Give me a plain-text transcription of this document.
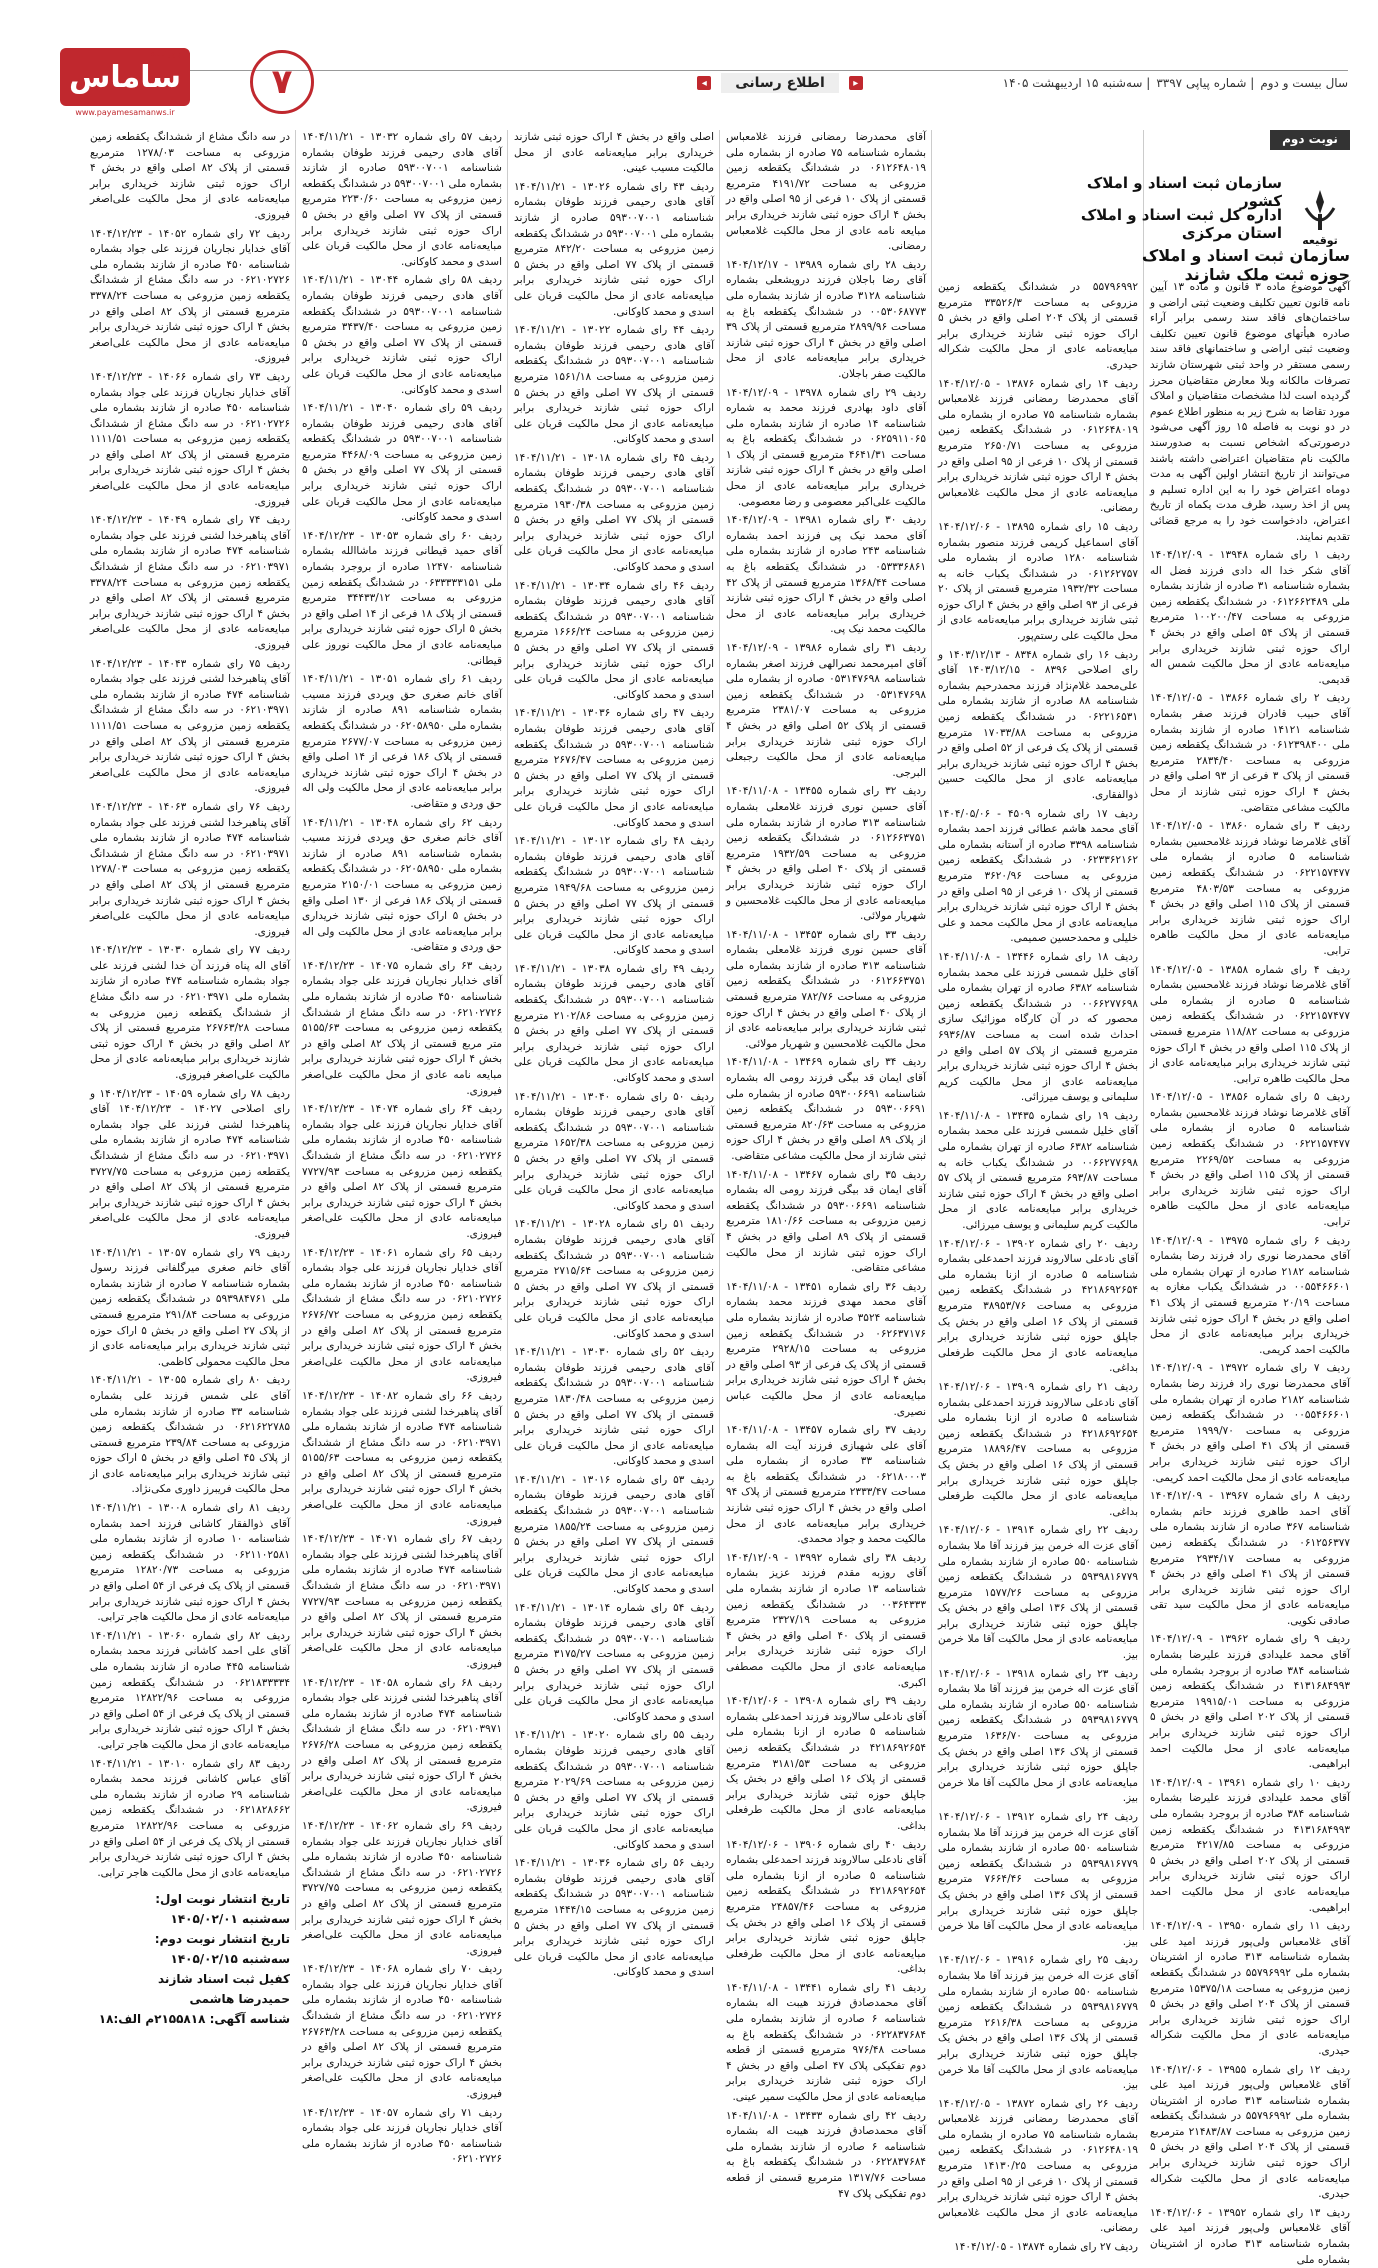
سال بیست و دوم| شماره پیاپی ۳۳۹۷| سه‌شنبه ۱۵ اردیبهشت ۱۴۰۵
▸
اطلاع رسانی
◂
۷
ساماس
روزنامه
www.payamesamanws.ir
نوبت دوم

آگهی موضوع ماده ۳ قانون و ماده ۱۳ آیین نامه قانون تعیین تکلیف وضعیت ثبتی اراضی و ساختمان‌های فاقد سند رسمی برابر آراء صادره هیأتهای موضوع قانون تعیین تکلیف وضعیت ثبتی اراضی و ساختمانهای فاقد سند رسمی مستقر در واحد ثبتی شهرستان شازند تصرفات مالکانه وبلا معارض متقاضیان محرز گردیده است لذا مشخصات متقاضیان و املاک مورد تقاضا به شرح زیر به منظور اطلاع عموم در دو نوبت به فاصله ۱۵ روز آگهی می‌شود درصورتی‌که اشخاص نسبت به صدورسند مالکیت نام متقاضیان اعتراضی داشته باشند می‌توانند از تاریخ انتشار اولین آگهی به مدت دوماه اعتراض خود را به این اداره تسلیم و پس از اخذ رسید، ظرف مدت یکماه از تاریخ اعتراض، دادخواست خود را به مرجع قضائی تقدیم نمایند.

ردیف ۱ رای شماره ۱۳۹۴۸ - ۱۴۰۴/۱۲/۰۹ آقای شکر خدا اله دادی فرزند فضل اله بشماره شناسنامه ۳۱ صادره از شازند بشماره ملی ۰۶۱۲۶۶۲۴۸۹ در ششدانگ یکقطعه زمین مزروعی به مساحت ۱۰۰۲۰۰/۴۷ مترمربع قسمتی از پلاک ۵۴ اصلی واقع در بخش ۴ اراک حوزه ثبتی شازند خریداری برابر مبایعه‌نامه عادی از محل مالکیت شمس اله قدیمی.

ردیف ۲ رای شماره ۱۳۸۶۶ - ۱۴۰۴/۱۲/۰۵ آقای حبیب قادران فرزند صفر بشماره شناسنامه ۱۴۱۲۱ صادره از شازند بشماره ملی ۰۶۱۲۳۹۸۴۰۰ در ششدانگ یکقطعه زمین مزروعی به مساحت ۲۸۳۴/۴۰ مترمربع قسمتی از پلاک ۳ فرعی از ۹۳ اصلی واقع در بخش ۴ اراک حوزه ثبتی شازند از محل مالکیت مشاعی متقاضی.

ردیف ۳ رای شماره ۱۳۸۶۰ - ۱۴۰۴/۱۲/۰۵ آقای غلامرضا نوشاد فرزند غلامحسین بشماره شناسنامه ۵ صادره از بشماره ملی ۰۶۲۲۱۵۷۴۷۷ در ششدانگ یکقطعه زمین مزروعی به مساحت ۴۸۰۳/۵۳ مترمربع قسمتی از پلاک ۱۱۵ اصلی واقع در بخش ۴ اراک حوزه ثبتی شازند خریداری برابر مبایعه‌نامه عادی از محل مالکیت طاهره ترابی.

ردیف ۴ رای شماره ۱۳۸۵۸ - ۱۴۰۴/۱۲/۰۵ آقای غلامرضا نوشاد فرزند غلامحسین بشماره شناسنامه ۵ صادره از بشماره ملی ۰۶۲۲۱۵۷۴۷۷ در ششدانگ یکقطعه زمین مزروعی به مساحت ۱۱۸/۸۲ مترمربع قسمتی از پلاک ۱۱۵ اصلی واقع در بخش ۴ اراک حوزه ثبتی شازند خریداری برابر مبایعه‌نامه عادی از محل مالکیت طاهره ترابی.

ردیف ۵ رای شماره ۱۳۸۵۶ - ۱۴۰۴/۱۲/۰۵ آقای غلامرضا نوشاد فرزند غلامحسین بشماره شناسنامه ۵ صادره از بشماره ملی ۰۶۲۲۱۵۷۴۷۷ در ششدانگ یکقطعه زمین مزروعی به مساحت ۲۲۶۹/۵۲ مترمربع قسمتی از پلاک ۱۱۵ اصلی واقع در بخش ۴ اراک حوزه ثبتی شازند خریداری برابر مبایعه‌نامه عادی از محل مالکیت طاهره ترابی.

ردیف ۶ رای شماره ۱۳۹۷۵ - ۱۴۰۴/۱۲/۰۹ آقای محمدرضا نوری راد فرزند رضا بشماره شناسنامه ۲۱۸۲ صادره از تهران بشماره ملی ۰۰۵۵۴۶۶۶۰۱ در ششدانگ یکباب مغازه به مساحت ۲۰/۱۹ مترمربع قسمتی از پلاک ۴۱ اصلی واقع در بخش ۴ اراک حوزه ثبتی شازند خریداری برابر مبایعه‌نامه عادی از محل مالکیت احمد کریمی.

ردیف ۷ رای شماره ۱۳۹۷۲ - ۱۴۰۴/۱۲/۰۹ آقای محمدرضا نوری راد فرزند رضا بشماره شناسنامه ۲۱۸۲ صادره از تهران بشماره ملی ۰۰۵۵۴۶۶۶۰۱ در ششدانگ یکقطعه زمین مزروعی به مساحت ۱۹۹۹/۷۰ مترمربع قسمتی از پلاک ۴۱ اصلی واقع در بخش ۴ اراک حوزه ثبتی شازند خریداری برابر مبایعه‌نامه عادی از محل مالکیت احمد کریمی.

ردیف ۸ رای شماره ۱۳۹۶۷ - ۱۴۰۴/۱۲/۰۹ آقای احمد طاهری فرزند حاتم بشماره شناسنامه ۳۶۷ صادره از شازند بشماره ملی ۰۶۱۲۵۶۳۷۷ در ششدانگ یکقطعه زمین مزروعی به مساحت ۲۹۳۴/۱۷ مترمربع قسمتی از پلاک ۴۱ اصلی واقع در بخش ۴ اراک حوزه ثبتی شازند خریداری برابر مبایعه‌نامه عادی از محل مالکیت سید تقی صادقی نکویی.

ردیف ۹ رای شماره ۱۳۹۶۲ - ۱۴۰۴/۱۲/۰۹ آقای محمد علیدادی فرزند علیرضا بشماره شناسنامه ۳۸۴ صادره از بروجرد بشماره ملی ۴۱۳۱۶۸۴۹۹۳ در ششدانگ یکقطعه زمین مزروعی به مساحت ۱۹۹۱۵/۰۱ مترمربع قسمتی از پلاک ۲۰۲ اصلی واقع در بخش ۵ اراک حوزه ثبتی شازند خریداری برابر مبایعه‌نامه عادی از محل مالکیت احمد ابراهیمی.

ردیف ۱۰ رای شماره ۱۳۹۶۱ - ۱۴۰۴/۱۲/۰۹ آقای محمد علیدادی فرزند علیرضا بشماره شناسنامه ۳۸۴ صادره از بروجرد بشماره ملی ۴۱۳۱۶۸۴۹۹۳ در ششدانگ یکقطعه زمین مزروعی به مساحت ۴۲۱۷/۸۵ مترمربع قسمتی از پلاک ۲۰۲ اصلی واقع در بخش ۵ اراک حوزه ثبتی شازند خریداری برابر مبایعه‌نامه عادی از محل مالکیت احمد ابراهیمی.

ردیف ۱۱ رای شماره ۱۳۹۵۰ - ۱۴۰۴/۱۲/۰۹ آقای غلامعباس ولی‌پور فرزند امید علی بشماره شناسنامه ۳۱۳ صادره از اشترینان بشماره ملی ۵۵۷۹۶۹۹۲ در ششدانگ یکقطعه زمین مزروعی به مساحت ۱۵۳۷۵/۱۸ مترمربع قسمتی از پلاک ۲۰۴ اصلی واقع در بخش ۵ اراک حوزه ثبتی شازند خریداری برابر مبایعه‌نامه عادی از محل مالکیت شکراله حیدری.

ردیف ۱۲ رای شماره ۱۳۹۵۵ - ۱۴۰۴/۱۲/۰۶ آقای غلامعباس ولی‌پور فرزند امید علی بشماره شناسنامه ۳۱۳ صادره از اشترینان بشماره ملی ۵۵۷۹۶۹۹۲ در ششدانگ یکقطعه زمین مزروعی به مساحت ۲۱۴۸۳/۸۷ مترمربع قسمتی از پلاک ۲۰۴ اصلی واقع در بخش ۵ اراک حوزه ثبتی شازند خریداری برابر مبایعه‌نامه عادی از محل مالکیت شکراله حیدری.

ردیف ۱۳ رای شماره ۱۳۹۵۲ - ۱۴۰۴/۱۲/۰۶ آقای غلامعباس ولی‌پور فرزند امید علی بشماره شناسنامه ۳۱۳ صادره از اشترینان بشماره ملی

۵۵۷۹۶۹۹۲ در ششدانگ یکقطعه زمین مزروعی به مساحت ۳۳۵۲۶/۳ مترمربع قسمتی از پلاک ۲۰۴ اصلی واقع در بخش ۵ اراک حوزه ثبتی شازند خریداری برابر مبایعه‌نامه عادی از محل مالکیت شکراله حیدری.

ردیف ۱۴ رای شماره ۱۳۸۷۶ - ۱۴۰۴/۱۲/۰۵ آقای محمدرضا رمضانی فرزند غلامعباس بشماره شناسنامه ۷۵ صادره از بشماره ملی ۰۶۱۲۶۴۸۰۱۹ در ششدانگ یکقطعه زمین مزروعی به مساحت ۲۶۵۰/۷۱ مترمربع قسمتی از پلاک ۱۰ فرعی از ۹۵ اصلی واقع در بخش ۴ اراک حوزه ثبتی شازند خریداری برابر مبایعه‌نامه عادی از محل مالکیت غلامعباس رمضانی.

ردیف ۱۵ رای شماره ۱۳۸۹۵ - ۱۴۰۴/۱۲/۰۶ آقای اسماعیل کریمی فرزند منصور بشماره شناسنامه ۱۲۸۰ صادره از بشماره ملی ۰۶۱۲۶۲۷۵۷ در ششدانگ یکباب خانه به مساحت ۱۹۳۲/۳۲ مترمربع قسمتی از پلاک ۲۰ فرعی از ۹۳ اصلی واقع در بخش ۴ اراک حوزه ثبتی شازند خریداری برابر مبایعه‌نامه عادی از محل مالکیت علی رستم‌پور.

ردیف ۱۶ رای شماره ۸۳۴۸ - ۱۴۰۳/۱۲/۱۳ و رای اصلاحی ۸۳۹۶ - ۱۴۰۳/۱۲/۱۵ آقای علی‌محمد غلام‌نژاد فرزند محمدرحیم بشماره شناسنامه ۸۸ صادره از شازند بشماره ملی ۰۶۲۲۱۶۵۳۱ در ششدانگ یکقطعه زمین مزروعی به مساحت ۱۷۰۳۳/۸۸ مترمربع قسمتی از پلاک یک فرعی از ۵۲ اصلی واقع در بخش ۴ اراک حوزه ثبتی شازند خریداری برابر مبایعه‌نامه عادی از محل مالکیت حسین ذوالفقاری.

ردیف ۱۷ رای شماره ۴۵۰۹ - ۱۴۰۴/۰۵/۰۶ آقای محمد هاشم عطائی فرزند احمد بشماره شناسنامه ۳۳۹۸ صادره از آستانه بشماره ملی ۰۶۲۳۳۶۲۱۶۲ در ششدانگ یکقطعه زمین مزروعی به مساحت ۳۶۲۰/۹۶ مترمربع قسمتی از پلاک ۱۰ فرعی از ۹۵ اصلی واقع در بخش ۴ اراک حوزه ثبتی شازند خریداری برابر مبایعه‌نامه عادی از محل مالکیت محمد و علی خلیلی و محمدحسین صمیمی.

ردیف ۱۸ رای شماره ۱۳۴۴۶ - ۱۴۰۴/۱۱/۰۸ آقای خلیل شمسی فرزند علی محمد بشماره شناسنامه ۶۳۸۲ صادره از تهران بشماره ملی ۰۰۶۶۲۷۷۶۹۸ در ششدانگ یکقطعه زمین محصور که در آن کارگاه موزائیک سازی احداث شده است به مساحت ۶۹۳۶/۸۷ مترمربع قسمتی از پلاک ۵۷ اصلی واقع در بخش ۴ اراک حوزه ثبتی شازند خریداری برابر مبایعه‌نامه عادی از محل مالکیت کریم سلیمانی و یوسف میرزائی.

ردیف ۱۹ رای شماره ۱۳۴۳۵ - ۱۴۰۴/۱۱/۰۸ آقای خلیل شمسی فرزند علی محمد بشماره شناسنامه ۶۳۸۲ صادره از تهران بشماره ملی ۰۰۶۶۲۷۷۶۹۸ در ششدانگ یکباب خانه به مساحت ۶۹۳/۸۷ مترمربع قسمتی از پلاک ۵۷ اصلی واقع در بخش ۴ اراک حوزه ثبتی شازند خریداری برابر مبایعه‌نامه عادی از محل مالکیت کریم سلیمانی و یوسف میرزائی.

ردیف ۲۰ رای شماره ۱۳۹۰۲ - ۱۴۰۴/۱۲/۰۶ آقای نادعلی سالاروند فرزند احمدعلی بشماره شناسنامه ۵ صادره از ازنا بشماره ملی ۴۲۱۸۶۹۲۶۵۴ در ششدانگ یکقطعه زمین مزروعی به مساحت ۳۸۹۵۳/۷۶ مترمربع قسمتی از پلاک ۱۶ اصلی واقع در بخش یک جاپلق حوزه ثبتی شازند خریداری برابر مبایعه‌نامه عادی از محل مالکیت طرفعلی بداغی.

ردیف ۲۱ رای شماره ۱۳۹۰۹ - ۱۴۰۴/۱۲/۰۶ آقای نادعلی سالاروند فرزند احمدعلی بشماره شناسنامه ۵ صادره از ازنا بشماره ملی ۴۲۱۸۶۹۲۶۵۴ در ششدانگ یکقطعه زمین مزروعی به مساحت ۱۸۸۹۶/۴۷ مترمربع قسمتی از پلاک ۱۶ اصلی واقع در بخش یک جاپلق حوزه ثبتی شازند خریداری برابر مبایعه‌نامه عادی از محل مالکیت طرفعلی بداغی.

ردیف ۲۲ رای شماره ۱۳۹۱۴ - ۱۴۰۴/۱۲/۰۶ آقای عزت اله خرمن بیز فرزند آقا ملا بشماره شناسنامه ۵۵۰ صادره از شازند بشماره ملی ۵۹۳۹۸۱۶۷۷۹ در ششدانگ یکقطعه زمین مزروعی به مساحت ۱۵۷۷/۲۶ مترمربع قسمتی از پلاک ۱۳۶ اصلی واقع در بخش یک جاپلق حوزه ثبتی شازند خریداری برابر مبایعه‌نامه عادی از محل مالکیت آقا ملا خرمن بیز.

ردیف ۲۳ رای شماره ۱۳۹۱۸ - ۱۴۰۴/۱۲/۰۶ آقای عزت اله خرمن بیز فرزند آقا ملا بشماره شناسنامه ۵۵۰ صادره از شازند بشماره ملی ۵۹۳۹۸۱۶۷۷۹ در ششدانگ یکقطعه زمین مزروعی به مساحت ۱۶۳۶/۷۰ مترمربع قسمتی از پلاک ۱۳۶ اصلی واقع در بخش یک جاپلق حوزه ثبتی شازند خریداری برابر مبایعه‌نامه عادی از محل مالکیت آقا ملا خرمن بیز.

ردیف ۲۴ رای شماره ۱۳۹۱۲ - ۱۴۰۴/۱۲/۰۶ آقای عزت اله خرمن بیز فرزند آقا ملا بشماره شناسنامه ۵۵۰ صادره از شازند بشماره ملی ۵۹۳۹۸۱۶۷۷۹ در ششدانگ یکقطعه زمین مزروعی به مساحت ۷۶۶۴/۴۶ مترمربع قسمتی از پلاک ۱۳۶ اصلی واقع در بخش یک جاپلق حوزه ثبتی شازند خریداری برابر مبایعه‌نامه عادی از محل مالکیت آقا ملا خرمن بیز.

ردیف ۲۵ رای شماره ۱۳۹۱۶ - ۱۴۰۴/۱۲/۰۶ آقای عزت اله خرمن بیز فرزند آقا ملا بشماره شناسنامه ۵۵۰ صادره از شازند بشماره ملی ۵۹۳۹۸۱۶۷۷۹ در ششدانگ یکقطعه زمین مزروعی به مساحت ۲۶۱۶/۳۸ مترمربع قسمتی از پلاک ۱۳۶ اصلی واقع در بخش یک جاپلق حوزه ثبتی شازند خریداری برابر مبایعه‌نامه عادی از محل مالکیت آقا ملا خرمن بیز.

ردیف ۲۶ رای شماره ۱۳۸۷۲ - ۱۴۰۴/۱۲/۰۵ آقای محمدرضا رمضانی فرزند غلامعباس بشماره شناسنامه ۷۵ صادره از بشماره ملی ۰۶۱۲۶۴۸۰۱۹ در ششدانگ یکقطعه زمین مزروعی به مساحت ۱۴۱۳۰/۲۵ مترمربع قسمتی از پلاک ۱۰ فرعی از ۹۵ اصلی واقع در بخش ۴ اراک حوزه ثبتی شازند خریداری برابر مبایعه‌نامه عادی از محل مالکیت غلامعباس رمضانی.

ردیف ۲۷ رای شماره ۱۳۸۷۴ - ۱۴۰۴/۱۲/۰۵

آقای محمدرضا رمضانی فرزند غلامعباس بشماره شناسنامه ۷۵ صادره از بشماره ملی ۰۶۱۲۶۴۸۰۱۹ در ششدانگ یکقطعه زمین مزروعی به مساحت ۴۱۹۱/۷۲ مترمربع قسمتی از پلاک ۱۰ فرعی از ۹۵ اصلی واقع در بخش ۴ اراک حوزه ثبتی شازند خریداری برابر مبایعه نامه عادی از محل مالکیت غلامعباس رمضانی.

ردیف ۲۸ رای شماره ۱۳۹۸۹ - ۱۴۰۴/۱۲/۱۷ آقای رضا باجلان فرزند درویشعلی بشماره شناسنامه ۳۱۲۸ صادره از شازند بشماره ملی ۰۰۵۳۰۶۸۷۷۳ در ششدانگ یکقطعه باغ به مساحت ۲۸۹۹/۹۶ مترمربع قسمتی از پلاک ۳۹ اصلی واقع در بخش ۴ اراک حوزه ثبتی شازند خریداری برابر مبایعه‌نامه عادی از محل مالکیت صفر باجلان.

ردیف ۲۹ رای شماره ۱۳۹۷۸ - ۱۴۰۴/۱۲/۰۹ آقای داود بهادری فرزند محمد به شماره شناسنامه ۱۴ صادره از شازند بشماره ملی ۰۶۲۵۹۱۱۰۶۵ در ششدانگ یکقطعه باغ به مساحت ۴۶۴۱/۳۱ مترمربع قسمتی از پلاک ۱ اصلی واقع در بخش ۴ اراک حوزه ثبتی شازند خریداری برابر مبایعه‌نامه عادی از محل مالکیت علی‌اکبر معصومی و رضا معصومی.

ردیف ۳۰ رای شماره ۱۳۹۸۱ - ۱۴۰۴/۱۲/۰۹ آقای محمد نیک پی فرزند احمد بشماره شناسنامه ۲۴۳ صادره از شازند بشماره ملی ۰۵۳۳۳۶۸۶۱ در ششدانگ یکقطعه باغ به مساحت ۱۳۶۸/۴۴ مترمربع قسمتی از پلاک ۴۲ اصلی واقع در بخش ۴ اراک حوزه ثبتی شازند خریداری برابر مبایعه‌نامه عادی از محل مالکیت محمد نیک پی.

ردیف ۳۱ رای شماره ۱۳۹۸۶ - ۱۴۰۴/۱۲/۰۹ آقای امیرمحمد نصرالهی فرزند اصغر بشماره شناسنامه ۰۵۳۱۴۷۶۹۸ صادره از بشماره ملی ۰۵۳۱۴۷۶۹۸ در ششدانگ یکقطعه زمین مزروعی به مساحت ۲۳۸۱/۰۷ مترمربع قسمتی از پلاک ۵۲ اصلی واقع در بخش ۴ اراک حوزه ثبتی شازند خریداری برابر مبایعه‌نامه عادی از محل مالکیت رجبعلی البرجی.

ردیف ۳۲ رای شماره ۱۳۴۵۵ - ۱۴۰۴/۱۱/۰۸ آقای حسین نوری فرزند غلامعلی بشماره شناسنامه ۳۱۳ صادره از شازند بشماره ملی ۰۶۱۲۶۶۳۷۵۱ در ششدانگ یکقطعه زمین مزروعی به مساحت ۱۹۳۲/۵۹ مترمربع قسمتی از پلاک ۴۰ اصلی واقع در بخش ۴ اراک حوزه ثبتی شازند خریداری برابر مبایعه‌نامه عادی از محل مالکیت غلامحسین و شهریار مولائی.

ردیف ۳۳ رای شماره ۱۳۴۵۳ - ۱۴۰۴/۱۱/۰۸ آقای حسین نوری فرزند غلامعلی بشماره شناسنامه ۳۱۳ صادره از شازند بشماره ملی ۰۶۱۲۶۶۳۷۵۱ در ششدانگ یکقطعه زمین مزروعی به مساحت ۷۸۲/۷۶ مترمربع قسمتی از پلاک ۴۰ اصلی واقع در بخش ۴ اراک حوزه ثبتی شازند خریداری برابر مبایعه‌نامه عادی از محل مالکیت غلامحسین و شهریار مولائی.

ردیف ۳۴ رای شماره ۱۳۴۶۹ - ۱۴۰۴/۱۱/۰۸ آقای ایمان قد بیگی فرزند رومی اله بشماره شناسنامه ۵۹۳۰۰۶۶۹۱ صادره از بشماره ملی ۵۹۳۰۰۶۶۹۱ در ششدانگ یکقطعه زمین مزروعی به مساحت ۸۲۰/۶۳ مترمربع قسمتی از پلاک ۸۹ اصلی واقع در بخش ۴ اراک حوزه ثبتی شازند از محل مالکیت مشاعی متقاضی.

ردیف ۳۵ رای شماره ۱۳۴۶۷ - ۱۴۰۴/۱۱/۰۸ آقای ایمان قد بیگی فرزند رومی اله بشماره شناسنامه ۵۹۳۰۰۶۶۹۱ در ششدانگ یکقطعه زمین مزروعی به مساحت ۱۸۱۰/۶۶ مترمربع قسمتی از پلاک ۸۹ اصلی واقع در بخش ۴ اراک حوزه ثبتی شازند از محل مالکیت مشاعی متقاضی.

ردیف ۳۶ رای شماره ۱۳۴۵۱ - ۱۴۰۴/۱۱/۰۸ آقای محمد مهدی فرزند محمد بشماره شناسنامه ۳۵۲۴ صادره از شازند بشماره ملی ۰۶۲۶۳۷۱۷۶ در ششدانگ یکقطعه زمین مزروعی به مساحت ۲۹۲۸/۱۵ مترمربع قسمتی از پلاک یک فرعی از ۹۳ اصلی واقع در بخش ۴ اراک حوزه ثبتی شازند خریداری برابر مبایعه‌نامه عادی از محل مالکیت عباس نصیری.

ردیف ۳۷ رای شماره ۱۳۴۵۷ - ۱۴۰۴/۱۱/۰۸ آقای علی شهبازی فرزند آیت اله بشماره شناسنامه ۳۳ صادره از بشماره ملی ۰۶۲۱۸۰۰۰۳ در ششدانگ یکقطعه باغ به مساحت ۲۳۳۳/۴۷ مترمربع قسمتی از پلاک ۹۴ اصلی واقع در بخش ۴ اراک حوزه ثبتی شازند خریداری برابر مبایعه‌نامه عادی از محل مالکیت محمد و جواد محمدی.

ردیف ۳۸ رای شماره ۱۳۹۹۲ - ۱۴۰۴/۱۲/۰۹ آقای روزبه مقدم فرزند عزیز بشماره شناسنامه ۱۳ صادره از شازند بشماره ملی ۰۰۳۶۴۳۳۳ در ششدانگ یکقطعه زمین مزروعی به مساحت ۲۳۲۷/۱۹ مترمربع قسمتی از پلاک ۴۰ اصلی واقع در بخش ۴ اراک حوزه ثبتی شازند خریداری برابر مبایعه‌نامه عادی از محل مالکیت مصطفی اکبری.

ردیف ۳۹ رای شماره ۱۳۹۰۸ - ۱۴۰۴/۱۲/۰۶ آقای نادعلی سالاروند فرزند احمدعلی بشماره شناسنامه ۵ صادره از ازنا بشماره ملی ۴۲۱۸۶۹۲۶۵۴ در ششدانگ یکقطعه زمین مزروعی به مساحت ۳۱۸۱/۵۳ مترمربع قسمتی از پلاک ۱۶ اصلی واقع در بخش یک جاپلق حوزه ثبتی شازند خریداری برابر مبایعه‌نامه عادی از محل مالکیت طرفعلی بداغی.

ردیف ۴۰ رای شماره ۱۳۹۰۶ - ۱۴۰۴/۱۲/۰۶ آقای نادعلی سالاروند فرزند احمدعلی بشماره شناسنامه ۵ صادره از ازنا بشماره ملی ۴۲۱۸۶۹۲۶۵۴ در ششدانگ یکقطعه زمین مزروعی به مساحت ۲۴۸۵۷/۴۶ مترمربع قسمتی از پلاک ۱۶ اصلی واقع در بخش یک جاپلق حوزه ثبتی شازند خریداری برابر مبایعه‌نامه عادی از محل مالکیت طرفعلی بداغی.

ردیف ۴۱ رای شماره ۱۳۴۴۱ - ۱۴۰۴/۱۱/۰۸ آقای محمدصادق فرزند هیبت اله بشماره شناسنامه ۶ صادره از شازند بشماره ملی ۰۶۲۲۸۳۷۶۸۴ در ششدانگ یکقطعه باغ به مساحت ۹۷۶/۴۸ مترمربع قسمتی از قطعه دوم تفکیکی پلاک ۴۷ اصلی واقع در بخش ۴ اراک حوزه ثبتی شازند خریداری برابر مبایعه‌نامه عادی از محل مالکیت سمیر عینی.

ردیف ۴۲ رای شماره ۱۳۴۳۳ - ۱۴۰۴/۱۱/۰۸ آقای محمدصادق فرزند هیبت اله بشماره شناسنامه ۶ صادره از شازند بشماره ملی ۰۶۲۲۸۳۷۶۸۴ در ششدانگ یکقطعه باغ به مساحت ۱۳۱۷/۷۶ مترمربع قسمتی از قطعه دوم تفکیکی پلاک ۴۷

اصلی واقع در بخش ۴ اراک حوزه ثبتی شازند خریداری برابر مبایعه‌نامه عادی از محل مالکیت مسیب عینی.

ردیف ۴۳ رای شماره ۱۳۰۲۶ - ۱۴۰۴/۱۱/۲۱ آقای هادی رحیمی فرزند طوفان بشماره شناسنامه ۵۹۳۰۰۷۰۰۱ صادره از شازند بشماره ملی ۵۹۳۰۰۷۰۰۱ در ششدانگ یکقطعه زمین مزروعی به مساحت ۸۴۲/۲۰ مترمربع قسمتی از پلاک ۷۷ اصلی واقع در بخش ۵ اراک حوزه ثبتی شازند خریداری برابر مبایعه‌نامه عادی از محل مالکیت قربان علی اسدی و محمد کاوکانی.

ردیف ۴۴ رای شماره ۱۳۰۲۲ - ۱۴۰۴/۱۱/۲۱ آقای هادی رحیمی فرزند طوفان بشماره شناسنامه ۵۹۳۰۰۷۰۰۱ در ششدانگ یکقطعه زمین مزروعی به مساحت ۱۵۶۱/۱۸ مترمربع قسمتی از پلاک ۷۷ اصلی واقع در بخش ۵ اراک حوزه ثبتی شازند خریداری برابر مبایعه‌نامه عادی از محل مالکیت قربان علی اسدی و محمد کاوکانی.

ردیف ۴۵ رای شماره ۱۳۰۱۸ - ۱۴۰۴/۱۱/۲۱ آقای هادی رحیمی فرزند طوفان بشماره شناسنامه ۵۹۳۰۰۷۰۰۱ در ششدانگ یکقطعه زمین مزروعی به مساحت ۱۹۳۰/۳۸ مترمربع قسمتی از پلاک ۷۷ اصلی واقع در بخش ۵ اراک حوزه ثبتی شازند خریداری برابر مبایعه‌نامه عادی از محل مالکیت قربان علی اسدی و محمد کاوکانی.

ردیف ۴۶ رای شماره ۱۳۰۳۴ - ۱۴۰۴/۱۱/۲۱ آقای هادی رحیمی فرزند طوفان بشماره شناسنامه ۵۹۳۰۰۷۰۰۱ در ششدانگ یکقطعه زمین مزروعی به مساحت ۱۶۶۶/۲۴ مترمربع قسمتی از پلاک ۷۷ اصلی واقع در بخش ۵ اراک حوزه ثبتی شازند خریداری برابر مبایعه‌نامه عادی از محل مالکیت قربان علی اسدی و محمد کاوکانی.

ردیف ۴۷ رای شماره ۱۳۰۳۶ - ۱۴۰۴/۱۱/۲۱ آقای هادی رحیمی فرزند طوفان بشماره شناسنامه ۵۹۳۰۰۷۰۰۱ در ششدانگ یکقطعه زمین مزروعی به مساحت ۲۶۷۶/۴۷ مترمربع قسمتی از پلاک ۷۷ اصلی واقع در بخش ۵ اراک حوزه ثبتی شازند خریداری برابر مبایعه‌نامه عادی از محل مالکیت قربان علی اسدی و محمد کاوکانی.

ردیف ۴۸ رای شماره ۱۳۰۱۲ - ۱۴۰۴/۱۱/۲۱ آقای هادی رحیمی فرزند طوفان بشماره شناسنامه ۵۹۳۰۰۷۰۰۱ در ششدانگ یکقطعه زمین مزروعی به مساحت ۱۹۴۹/۶۸ مترمربع قسمتی از پلاک ۷۷ اصلی واقع در بخش ۵ اراک حوزه ثبتی شازند خریداری برابر مبایعه‌نامه عادی از محل مالکیت قربان علی اسدی و محمد کاوکانی.

ردیف ۴۹ رای شماره ۱۳۰۳۸ - ۱۴۰۴/۱۱/۲۱ آقای هادی رحیمی فرزند طوفان بشماره شناسنامه ۵۹۳۰۰۷۰۰۱ در ششدانگ یکقطعه زمین مزروعی به مساحت ۲۱۰۲/۸۶ مترمربع قسمتی از پلاک ۷۷ اصلی واقع در بخش ۵ اراک حوزه ثبتی شازند خریداری برابر مبایعه‌نامه عادی از محل مالکیت قربان علی اسدی و محمد کاوکانی.

ردیف ۵۰ رای شماره ۱۳۰۴۰ - ۱۴۰۴/۱۱/۲۱ آقای هادی رحیمی فرزند طوفان بشماره شناسنامه ۵۹۳۰۰۷۰۰۱ در ششدانگ یکقطعه زمین مزروعی به مساحت ۱۶۵۲/۳۸ مترمربع قسمتی از پلاک ۷۷ اصلی واقع در بخش ۵ اراک حوزه ثبتی شازند خریداری برابر مبایعه‌نامه عادی از محل مالکیت قربان علی اسدی و محمد کاوکانی.

ردیف ۵۱ رای شماره ۱۳۰۲۸ - ۱۴۰۴/۱۱/۲۱ آقای هادی رحیمی فرزند طوفان بشماره شناسنامه ۵۹۳۰۰۷۰۰۱ در ششدانگ یکقطعه زمین مزروعی به مساحت ۲۷۱۵/۶۴ مترمربع قسمتی از پلاک ۷۷ اصلی واقع در بخش ۵ اراک حوزه ثبتی شازند خریداری برابر مبایعه‌نامه عادی از محل مالکیت قربان علی اسدی و محمد کاوکانی.

ردیف ۵۲ رای شماره ۱۳۰۳۰ - ۱۴۰۴/۱۱/۲۱ آقای هادی رحیمی فرزند طوفان بشماره شناسنامه ۵۹۳۰۰۷۰۰۱ در ششدانگ یکقطعه زمین مزروعی به مساحت ۱۸۳۰/۴۸ مترمربع قسمتی از پلاک ۷۷ اصلی واقع در بخش ۵ اراک حوزه ثبتی شازند خریداری برابر مبایعه‌نامه عادی از محل مالکیت قربان علی اسدی و محمد کاوکانی.

ردیف ۵۳ رای شماره ۱۳۰۱۶ - ۱۴۰۴/۱۱/۲۱ آقای هادی رحیمی فرزند طوفان بشماره شناسنامه ۵۹۳۰۰۷۰۰۱ در ششدانگ یکقطعه زمین مزروعی به مساحت ۱۸۵۵/۲۴ مترمربع قسمتی از پلاک ۷۷ اصلی واقع در بخش ۵ اراک حوزه ثبتی شازند خریداری برابر مبایعه‌نامه عادی از محل مالکیت قربان علی اسدی و محمد کاوکانی.

ردیف ۵۴ رای شماره ۱۳۰۱۴ - ۱۴۰۴/۱۱/۲۱ آقای هادی رحیمی فرزند طوفان بشماره شناسنامه ۵۹۳۰۰۷۰۰۱ در ششدانگ یکقطعه زمین مزروعی به مساحت ۳۱۷۵/۲۷ مترمربع قسمتی از پلاک ۷۷ اصلی واقع در بخش ۵ اراک حوزه ثبتی شازند خریداری برابر مبایعه‌نامه عادی از محل مالکیت قربان علی اسدی و محمد کاوکانی.

ردیف ۵۵ رای شماره ۱۳۰۲۰ - ۱۴۰۴/۱۱/۲۱ آقای هادی رحیمی فرزند طوفان بشماره شناسنامه ۵۹۳۰۰۷۰۰۱ در ششدانگ یکقطعه زمین مزروعی به مساحت ۲۰۲۹/۶۹ مترمربع قسمتی از پلاک ۷۷ اصلی واقع در بخش ۵ اراک حوزه ثبتی شازند خریداری برابر مبایعه‌نامه عادی از محل مالکیت قربان علی اسدی و محمد کاوکانی.

ردیف ۵۶ رای شماره ۱۳۰۳۶ - ۱۴۰۴/۱۱/۲۱ آقای هادی رحیمی فرزند طوفان بشماره شناسنامه ۵۹۳۰۰۷۰۰۱ در ششدانگ یکقطعه زمین مزروعی به مساحت ۱۴۴۴/۱۵ مترمربع قسمتی از پلاک ۷۷ اصلی واقع در بخش ۵ اراک حوزه ثبتی شازند خریداری برابر مبایعه‌نامه عادی از محل مالکیت قربان علی اسدی و محمد کاوکانی.

ردیف ۵۷ رای شماره ۱۳۰۳۲ - ۱۴۰۴/۱۱/۲۱ آقای هادی رحیمی فرزند طوفان بشماره شناسنامه ۵۹۳۰۰۷۰۰۱ صادره از شازند بشماره ملی ۵۹۳۰۰۷۰۰۱ در ششدانگ یکقطعه زمین مزروعی به مساحت ۲۲۳۰/۶۰ مترمربع قسمتی از پلاک ۷۷ اصلی واقع در بخش ۵ اراک حوزه ثبتی شازند خریداری برابر مبایعه‌نامه عادی از محل مالکیت قربان علی اسدی و محمد کاوکانی.

ردیف ۵۸ رای شماره ۱۳۰۴۴ - ۱۴۰۴/۱۱/۲۱ آقای هادی رحیمی فرزند طوفان بشماره شناسنامه ۵۹۳۰۰۷۰۰۱ در ششدانگ یکقطعه زمین مزروعی به مساحت ۳۴۳۷/۴۰ مترمربع قسمتی از پلاک ۷۷ اصلی واقع در بخش ۵ اراک حوزه ثبتی شازند خریداری برابر مبایعه‌نامه عادی از محل مالکیت قربان علی اسدی و محمد کاوکانی.

ردیف ۵۹ رای شماره ۱۳۰۴۰ - ۱۴۰۴/۱۱/۲۱ آقای هادی رحیمی فرزند طوفان بشماره شناسنامه ۵۹۳۰۰۷۰۰۱ در ششدانگ یکقطعه زمین مزروعی به مساحت ۴۴۶۸/۰۹ مترمربع قسمتی از پلاک ۷۷ اصلی واقع در بخش ۵ اراک حوزه ثبتی شازند خریداری برابر مبایعه‌نامه عادی از محل مالکیت قربان علی اسدی و محمد کاوکانی.

ردیف ۶۰ رای شماره ۱۳۰۵۳ - ۱۴۰۴/۱۲/۲۳ آقای حمید قیطانی فرزند ماشاالله بشماره شناسنامه ۱۲۴۷۰ صادره از بروجرد بشماره ملی ۰۶۳۳۳۳۳۱۵۱ در ششدانگ یکقطعه زمین مزروعی به مساحت ۳۴۴۳۳/۱۲ مترمربع قسمتی از پلاک ۱۸ فرعی از ۱۴ اصلی واقع در بخش ۵ اراک حوزه ثبتی شازند خریداری برابر مبایعه‌نامه عادی از محل مالکیت نوروز علی قیطانی.

ردیف ۶۱ رای شماره ۱۳۰۵۱ - ۱۴۰۴/۱۱/۲۱ آقای خانم صغری حق ویردی فرزند مسیب بشماره شناسنامه ۸۹۱ صادره از شازند بشماره ملی ۰۶۲۰۵۸۹۵۰ در ششدانگ یکقطعه زمین مزروعی به مساحت ۲۶۷۷/۰۷ مترمربع قسمتی از پلاک ۱۸۶ فرعی از ۱۴ اصلی واقع در بخش ۴ اراک حوزه ثبتی شازند خریداری برابر مبایعه‌نامه عادی از محل مالکیت ولی اله حق وردی و متقاضی.

ردیف ۶۲ رای شماره ۱۳۰۴۸ - ۱۴۰۴/۱۱/۲۱ آقای خانم صغری حق ویردی فرزند مسیب بشماره شناسنامه ۸۹۱ صادره از شازند بشماره ملی ۰۶۲۰۵۸۹۵۰ در ششدانگ یکقطعه زمین مزروعی به مساحت ۲۱۵۰/۰۱ مترمربع قسمتی از پلاک ۱۸۶ فرعی از ۱۳۰ اصلی واقع در بخش ۵ اراک حوزه ثبتی شازند خریداری برابر مبایعه‌نامه عادی از محل مالکیت ولی اله حق وردی و متقاضی.

ردیف ۶۳ رای شماره ۱۴۰۷۵ - ۱۴۰۴/۱۲/۲۳ آقای خدایار نجاریان فرزند علی جواد بشماره شناسنامه ۴۵۰ صادره از شازند بشماره ملی ۰۶۲۱۰۲۷۲۶ در سه دانگ مشاع از ششدانگ یکقطعه زمین مزروعی به مساحت ۵۱۵۵/۶۳ متر مربع قسمتی از پلاک ۸۲ اصلی واقع در بخش ۴ اراک حوزه ثبتی شازند خریداری برابر مبایعه نامه عادی از محل مالکیت علی‌اصغر فیروزی.

ردیف ۶۴ رای شماره ۱۴۰۷۴ - ۱۴۰۴/۱۲/۲۳ آقای خدایار نجاریان فرزند علی جواد بشماره شناسنامه ۴۵۰ صادره از شازند بشماره ملی ۰۶۲۱۰۲۷۲۶ در سه دانگ مشاع از ششدانگ یکقطعه زمین مزروعی به مساحت ۷۷۲۷/۹۳ مترمربع قسمتی از پلاک ۸۲ اصلی واقع در بخش ۴ اراک حوزه ثبتی شازند خریداری برابر مبایعه‌نامه عادی از محل مالکیت علی‌اصغر فیروزی.

ردیف ۶۵ رای شماره ۱۴۰۶۱ - ۱۴۰۴/۱۲/۲۳ آقای خدایار نجاریان فرزند علی جواد بشماره شناسنامه ۴۵۰ صادره از شازند بشماره ملی ۰۶۲۱۰۲۷۲۶ در سه دانگ مشاع از ششدانگ یکقطعه زمین مزروعی به مساحت ۲۶۷۶/۷۲ مترمربع قسمتی از پلاک ۸۲ اصلی واقع در بخش ۴ اراک حوزه ثبتی شازند خریداری برابر مبایعه‌نامه عادی از محل مالکیت علی‌اصغر فیروزی.

ردیف ۶۶ رای شماره ۱۴۰۸۲ - ۱۴۰۴/۱۲/۲۳ آقای پناهبرخدا لشنی فرزند علی جواد بشماره شناسنامه ۴۷۴ صادره از شازند بشماره ملی ۰۶۲۱۰۳۹۷۱ در سه دانگ مشاع از ششدانگ یکقطعه زمین مزروعی به مساحت ۵۱۵۵/۶۳ مترمربع قسمتی از پلاک ۸۲ اصلی واقع در بخش ۴ اراک حوزه ثبتی شازند خریداری برابر مبایعه‌نامه عادی از محل مالکیت علی‌اصغر فیروزی.

ردیف ۶۷ رای شماره ۱۴۰۷۱ - ۱۴۰۴/۱۲/۲۳ آقای پناهبرخدا لشنی فرزند علی جواد بشماره شناسنامه ۴۷۴ صادره از شازند بشماره ملی ۰۶۲۱۰۳۹۷۱ در سه دانگ مشاع از ششدانگ یکقطعه زمین مزروعی به مساحت ۷۷۲۷/۹۳ مترمربع قسمتی از پلاک ۸۲ اصلی واقع در بخش ۴ اراک حوزه ثبتی شازند خریداری برابر مبایعه‌نامه عادی از محل مالکیت علی‌اصغر فیروزی.

ردیف ۶۸ رای شماره ۱۴۰۵۸ - ۱۴۰۴/۱۲/۲۳ آقای پناهبرخدا لشنی فرزند علی جواد بشماره شناسنامه ۴۷۴ صادره از شازند بشماره ملی ۰۶۲۱۰۳۹۷۱ در سه دانگ مشاع از ششدانگ یکقطعه زمین مزروعی به مساحت ۲۶۷۶/۲۸ مترمربع قسمتی از پلاک ۸۲ اصلی واقع در بخش ۴ اراک حوزه ثبتی شازند خریداری برابر مبایعه‌نامه عادی از محل مالکیت علی‌اصغر فیروزی.

ردیف ۶۹ رای شماره ۱۴۰۶۲ - ۱۴۰۴/۱۲/۲۳ آقای خدایار نجاریان فرزند علی جواد بشماره شناسنامه ۴۵۰ صادره از شازند بشماره ملی ۰۶۲۱۰۲۷۲۶ در سه دانگ مشاع از ششدانگ یکقطعه زمین مزروعی به مساحت ۳۷۲۷/۷۵ مترمربع قسمتی از پلاک ۸۲ اصلی واقع در بخش ۴ اراک حوزه ثبتی شازند خریداری برابر مبایعه‌نامه عادی از محل مالکیت علی‌اصغر فیروزی.

ردیف ۷۰ رای شماره ۱۴۰۶۸ - ۱۴۰۴/۱۲/۲۳ آقای خدایار نجاریان فرزند علی جواد بشماره شناسنامه ۴۵۰ صادره از شازند بشماره ملی ۰۶۲۱۰۲۷۲۶ در سه دانگ مشاع از ششدانگ یکقطعه زمین مزروعی به مساحت ۲۶۷۶۳/۲۸ مترمربع قسمتی از پلاک ۸۲ اصلی واقع در بخش ۴ اراک حوزه ثبتی شازند خریداری برابر مبایعه‌نامه عادی از محل مالکیت علی‌اصغر فیروزی.

ردیف ۷۱ رای شماره ۱۴۰۵۷ - ۱۴۰۴/۱۲/۲۳ آقای خدایار نجاریان فرزند علی جواد بشماره شناسنامه ۴۵۰ صادره از شازند بشماره ملی ۰۶۲۱۰۲۷۲۶

در سه دانگ مشاع از ششدانگ یکقطعه زمین مزروعی به مساحت ۱۲۷۸/۰۳ مترمربع قسمتی از پلاک ۸۲ اصلی واقع در بخش ۴ اراک حوزه ثبتی شازند خریداری برابر مبایعه‌نامه عادی از محل مالکیت علی‌اصغر فیروزی.

ردیف ۷۲ رای شماره ۱۴۰۵۲ - ۱۴۰۴/۱۲/۲۳ آقای خدایار نجاریان فرزند علی جواد بشماره شناسنامه ۴۵۰ صادره از شازند بشماره ملی ۰۶۲۱۰۲۷۲۶ در سه دانگ مشاع از ششدانگ یکقطعه زمین مزروعی به مساحت ۳۳۷۸/۲۴ مترمربع قسمتی از پلاک ۸۲ اصلی واقع در بخش ۴ اراک حوزه ثبتی شازند خریداری برابر مبایعه‌نامه عادی از محل مالکیت علی‌اصغر فیروزی.

ردیف ۷۳ رای شماره ۱۴۰۶۶ - ۱۴۰۴/۱۲/۲۳ آقای خدایار نجاریان فرزند علی جواد بشماره شناسنامه ۴۵۰ صادره از شازند بشماره ملی ۰۶۲۱۰۲۷۲۶ در سه دانگ مشاع از ششدانگ یکقطعه زمین مزروعی به مساحت ۱۱۱۱/۵۱ مترمربع قسمتی از پلاک ۸۲ اصلی واقع در بخش ۴ اراک حوزه ثبتی شازند خریداری برابر مبایعه‌نامه عادی از محل مالکیت علی‌اصغر فیروزی.

ردیف ۷۴ رای شماره ۱۴۰۴۹ - ۱۴۰۴/۱۲/۲۳ آقای پناهبرخدا لشنی فرزند علی جواد بشماره شناسنامه ۴۷۴ صادره از شازند بشماره ملی ۰۶۲۱۰۳۹۷۱ در سه دانگ مشاع از ششدانگ یکقطعه زمین مزروعی به مساحت ۳۳۷۸/۲۴ مترمربع قسمتی از پلاک ۸۲ اصلی واقع در بخش ۴ اراک حوزه ثبتی شازند خریداری برابر مبایعه‌نامه عادی از محل مالکیت علی‌اصغر فیروزی.

ردیف ۷۵ رای شماره ۱۴۰۴۳ - ۱۴۰۴/۱۲/۲۳ آقای پناهبرخدا لشنی فرزند علی جواد بشماره شناسنامه ۴۷۴ صادره از شازند بشماره ملی ۰۶۲۱۰۳۹۷۱ در سه دانگ مشاع از ششدانگ یکقطعه زمین مزروعی به مساحت ۱۱۱۱/۵۱ مترمربع قسمتی از پلاک ۸۲ اصلی واقع در بخش ۴ اراک حوزه ثبتی شازند خریداری برابر مبایعه‌نامه عادی از محل مالکیت علی‌اصغر فیروزی.

ردیف ۷۶ رای شماره ۱۴۰۶۳ - ۱۴۰۴/۱۲/۲۳ آقای پناهبرخدا لشنی فرزند علی جواد بشماره شناسنامه ۴۷۴ صادره از شازند بشماره ملی ۰۶۲۱۰۳۹۷۱ در سه دانگ مشاع از ششدانگ یکقطعه زمین مزروعی به مساحت ۱۲۷۸/۰۳ مترمربع قسمتی از پلاک ۸۲ اصلی واقع در بخش ۴ اراک حوزه ثبتی شازند خریداری برابر مبایعه‌نامه عادی از محل مالکیت علی‌اصغر فیروزی.

ردیف ۷۷ رای شماره ۱۳۰۳۰ - ۱۴۰۴/۱۲/۲۳ آقای اله پناه فرزند آن خدا لشنی فرزند علی جواد بشماره شناسنامه ۴۷۴ صادره از شازند بشماره ملی ۰۶۲۱۰۳۹۷۱ در سه دانگ مشاع از ششدانگ یکقطعه زمین مزروعی به مساحت ۲۶۷۶۳/۲۸ مترمربع قسمتی از پلاک ۸۲ اصلی واقع در بخش ۴ اراک حوزه ثبتی شازند خریداری برابر مبایعه‌نامه عادی از محل مالکیت علی‌اصغر فیروزی.

ردیف ۷۸ رای شماره ۱۴۰۵۹ - ۱۴۰۴/۱۲/۲۳ و رای اصلاحی ۱۴۰۲۷ - ۱۴۰۴/۱۲/۲۳ آقای پناهبرخدا لشنی فرزند علی جواد بشماره شناسنامه ۴۷۴ صادره از شازند بشماره ملی ۰۶۲۱۰۳۹۷۱ در سه دانگ مشاع از ششدانگ یکقطعه زمین مزروعی به مساحت ۳۷۲۷/۷۵ مترمربع قسمتی از پلاک ۸۲ اصلی واقع در بخش ۴ اراک حوزه ثبتی شازند خریداری برابر مبایعه‌نامه عادی از محل مالکیت علی‌اصغر فیروزی.

ردیف ۷۹ رای شماره ۱۳۰۵۷ - ۱۴۰۴/۱۱/۲۱ آقای خانم صغری میرگلفانی فرزند رسول بشماره شناسنامه ۷ صادره از شازند بشماره ملی ۵۹۳۹۸۴۷۶۱ در ششدانگ یکقطعه زمین مزروعی به مساحت ۲۹۱/۸۴ مترمربع قسمتی از پلاک ۲۷ اصلی واقع در بخش ۵ اراک حوزه ثبتی شازند خریداری برابر مبایعه‌نامه عادی از محل مالکیت محمولی کاظمی.

ردیف ۸۰ رای شماره ۱۳۰۵۵ - ۱۴۰۴/۱۱/۲۱ آقای علی شمس فرزند علی بشماره شناسنامه ۳۳ صادره از شازند بشماره ملی ۰۶۲۱۶۲۲۷۸۵ در ششدانگ یکقطعه زمین مزروعی به مساحت ۲۳۹/۸۴ مترمربع قسمتی از پلاک ۴۵ اصلی واقع در بخش ۵ اراک حوزه ثبتی شازند خریداری برابر مبایعه‌نامه عادی از محل مالکیت فریبرز داوری مکی‌نژاد.

ردیف ۸۱ رای شماره ۱۳۰۰۸ - ۱۴۰۴/۱۱/۲۱ آقای ذوالفقار کاشانی فرزند احمد بشماره شناسنامه ۱۰ صادره از شازند بشماره ملی ۰۶۲۱۱۰۲۵۸۱ در ششدانگ یکقطعه زمین مزروعی به مساحت ۱۲۸۲۰/۷۳ مترمربع قسمتی از پلاک یک فرعی از ۵۴ اصلی واقع در بخش ۴ اراک حوزه ثبتی شازند خریداری برابر مبایعه‌نامه عادی از محل مالکیت هاجر ترابی.

ردیف ۸۲ رای شماره ۱۳۰۶۰ - ۱۴۰۴/۱۱/۲۱ آقای علی احمد کاشانی فرزند محمد بشماره شناسنامه ۴۴۵ صادره از شازند بشماره ملی ۰۶۲۱۸۳۳۳۳۴ در ششدانگ یکقطعه زمین مزروعی به مساحت ۱۲۸۲۲/۹۶ مترمربع قسمتی از پلاک یک فرعی از ۵۴ اصلی واقع در بخش ۴ اراک حوزه ثبتی شازند خریداری برابر مبایعه‌نامه عادی از محل مالکیت هاجر ترابی.

ردیف ۸۳ رای شماره ۱۳۰۱۰ - ۱۴۰۴/۱۱/۲۱ آقای عباس کاشانی فرزند محمد بشماره شناسنامه ۲۹ صادره از شازند بشماره ملی ۰۶۲۱۸۲۸۶۶۲ در ششدانگ یکقطعه زمین مزروعی به مساحت ۱۲۸۲۲/۹۶ مترمربع قسمتی از پلاک یک فرعی از ۵۴ اصلی واقع در بخش ۴ اراک حوزه ثبتی شازند خریداری برابر مبایعه‌نامه عادی از محل مالکیت هاجر ترابی.

تاریخ انتشار نوبت اول:
سه‌شنبه ۱۴۰۵/۰۲/۰۱
تاریخ انتشار نوبت دوم:
سه‌شنبه ۱۴۰۵/۰۲/۱۵
کفیل ثبت اسناد شازند
حمیدرضا هاشمی
شناسه آگهی: ۲۱۵۵۸۱۸م الف:۱۸
توقیعه
سازمان ثبت اسناد و املاک کشور
اداره کل ثبت اسناد و املاک استان مرکزی
سازمان ثبت اسناد و املاک حوزه ثبت ملک شازند
